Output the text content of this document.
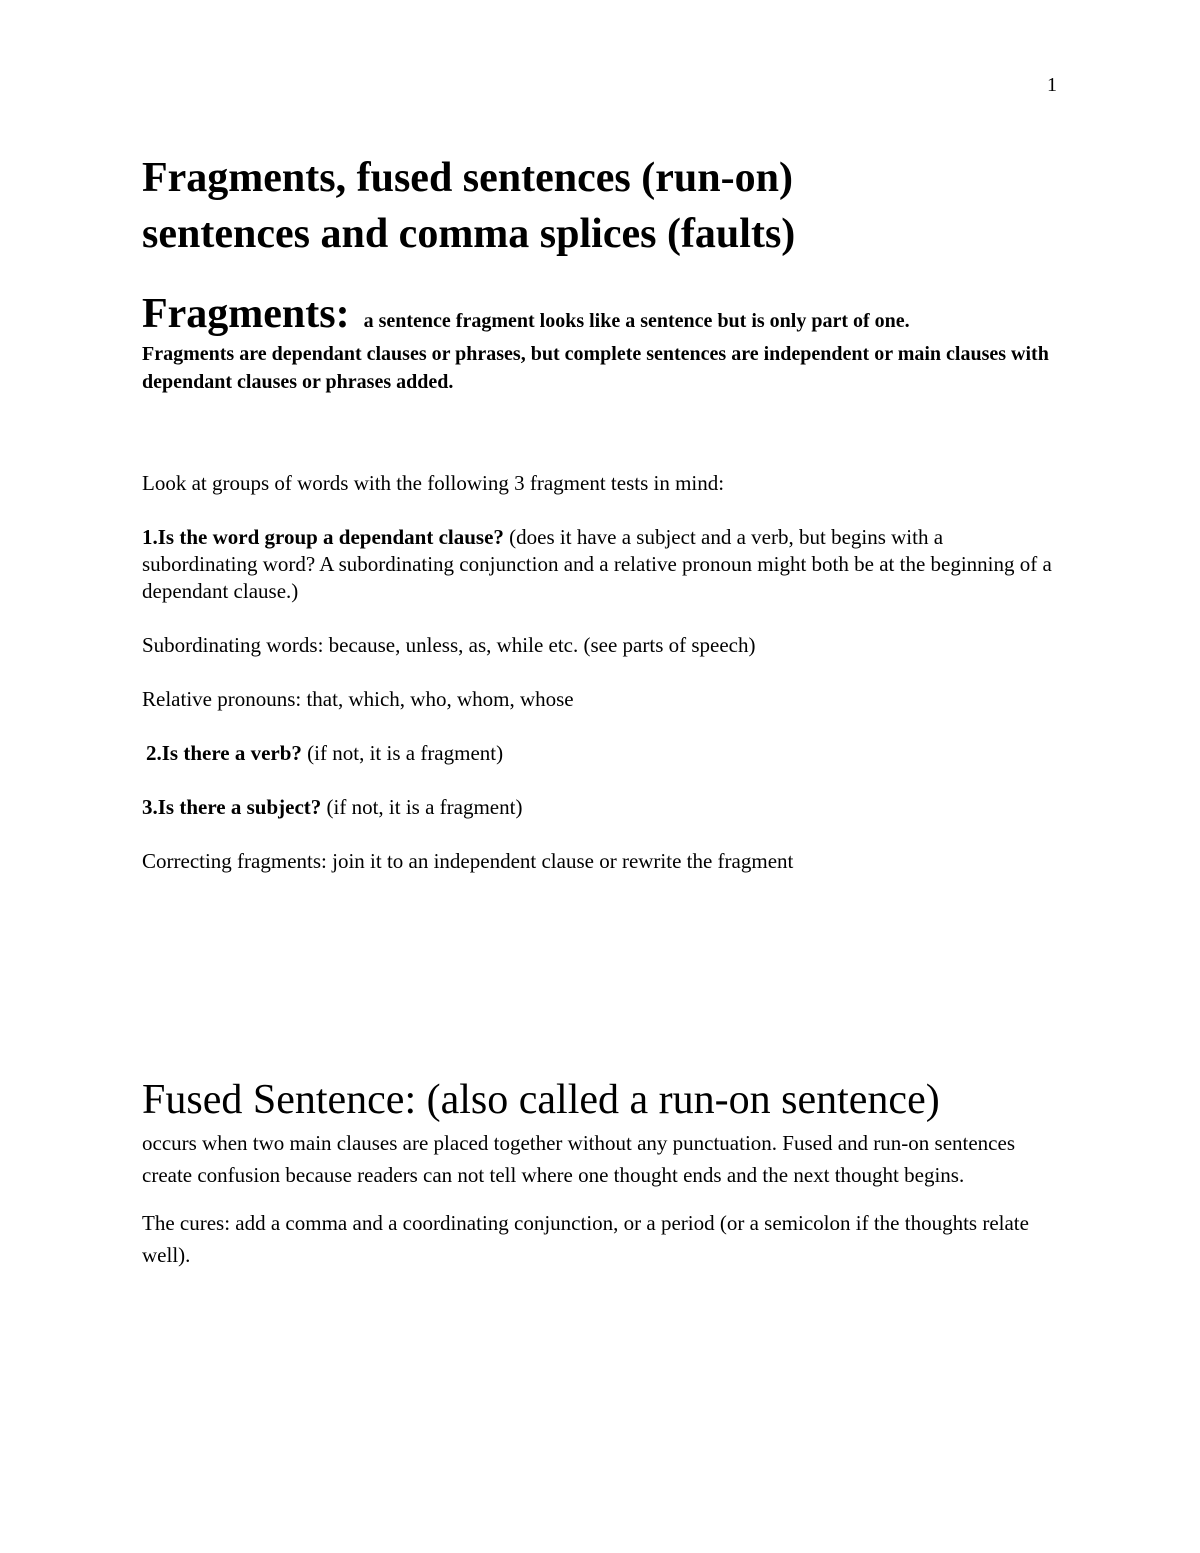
1
Fragments, fused sentences (run-on)
sentences and comma splices (faults)
Fragments: a sentence fragment looks like a sentence but is only part of one.
Fragments are dependant clauses or phrases, but complete sentences are independent or main clauses with dependant clauses or phrases added.

Look at groups of words with the following 3 fragment tests in mind:

1.Is the word group a dependant clause? (does it have a subject and a verb, but begins with a subordinating word? A subordinating conjunction and a relative pronoun might both be at the beginning of a dependant clause.)

Subordinating words: because, unless, as, while etc. (see parts of speech)

Relative pronouns: that, which, who, whom, whose

2.Is there a verb? (if not, it is a fragment)

3.Is there a subject? (if not, it is a fragment)

Correcting fragments: join it to an independent clause or rewrite the fragment

Fused Sentence: (also called a run-on sentence)

occurs when two main clauses are placed together without any punctuation. Fused and run-on sentences create confusion because readers can not tell where one thought ends and the next thought begins.

The cures: add a comma and a coordinating conjunction, or a period (or a semicolon if the thoughts relate well).
